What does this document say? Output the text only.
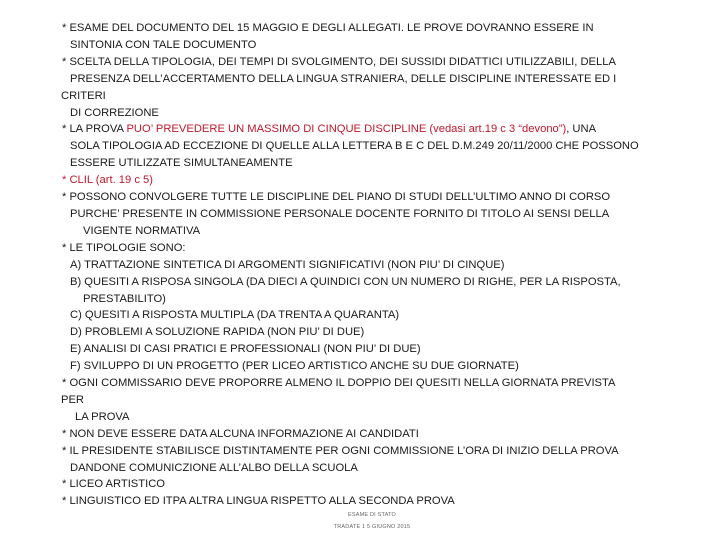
* ESAME DEL DOCUMENTO DEL 15 MAGGIO E DEGLI ALLEGATI. LE PROVE DOVRANNO ESSERE IN
SINTONIA CON TALE DOCUMENTO
* SCELTA DELLA TIPOLOGIA, DEI TEMPI DI SVOLGIMENTO, DEI SUSSIDI DIDATTICI UTILIZZABILI, DELLA
PRESENZA DELL’ACCERTAMENTO DELLA LINGUA STRANIERA, DELLE DISCIPLINE INTERESSATE ED I
CRITERI
DI CORREZIONE
* LA PROVA PUO’ PREVEDERE UN MASSIMO DI CINQUE DISCIPLINE (vedasi art.19 c 3 “devono”), UNA
SOLA TIPOLOGIA AD ECCEZIONE DI QUELLE ALLA LETTERA B E C DEL D.M.249 20/11/2000 CHE POSSONO
ESSERE UTILIZZATE SIMULTANEAMENTE
* CLIL (art. 19 c 5)
* POSSONO CONVOLGERE TUTTE LE DISCIPLINE DEL PIANO DI STUDI DELL’ULTIMO ANNO DI CORSO
PURCHE’ PRESENTE IN COMMISSIONE PERSONALE DOCENTE FORNITO DI TITOLO AI SENSI DELLA
VIGENTE NORMATIVA
* LE TIPOLOGIE SONO:
A) TRATTAZIONE SINTETICA DI ARGOMENTI SIGNIFICATIVI (NON PIU’ DI CINQUE)
B) QUESITI A RISPOSA SINGOLA (DA DIECI A QUINDICI CON UN NUMERO DI RIGHE, PER LA RISPOSTA,
PRESTABILITO)
C) QUESITI A RISPOSTA MULTIPLA (DA TRENTA A QUARANTA)
D) PROBLEMI A SOLUZIONE RAPIDA (NON PIU’ DI DUE)
E) ANALISI DI CASI PRATICI E PROFESSIONALI (NON PIU’ DI DUE)
F) SVILUPPO DI UN PROGETTO (PER LICEO ARTISTICO ANCHE SU DUE GIORNATE)
* OGNI COMMISSARIO DEVE PROPORRE ALMENO IL DOPPIO DEI QUESITI NELLA GIORNATA PREVISTA
PER
LA PROVA
* NON DEVE ESSERE DATA ALCUNA INFORMAZIONE AI CANDIDATI
* IL PRESIDENTE STABILISCE DISTINTAMENTE PER OGNI COMMISSIONE L’ORA DI INIZIO DELLA PROVA
DANDONE COMUNICZIONE ALL’ALBO DELLA SCUOLA
* LICEO ARTISTICO
* LINGUISTICO ED ITPA ALTRA LINGUA RISPETTO ALLA SECONDA PROVA
ESAME DI STATO
TRADATE 1 5 GIUGNO 2015
